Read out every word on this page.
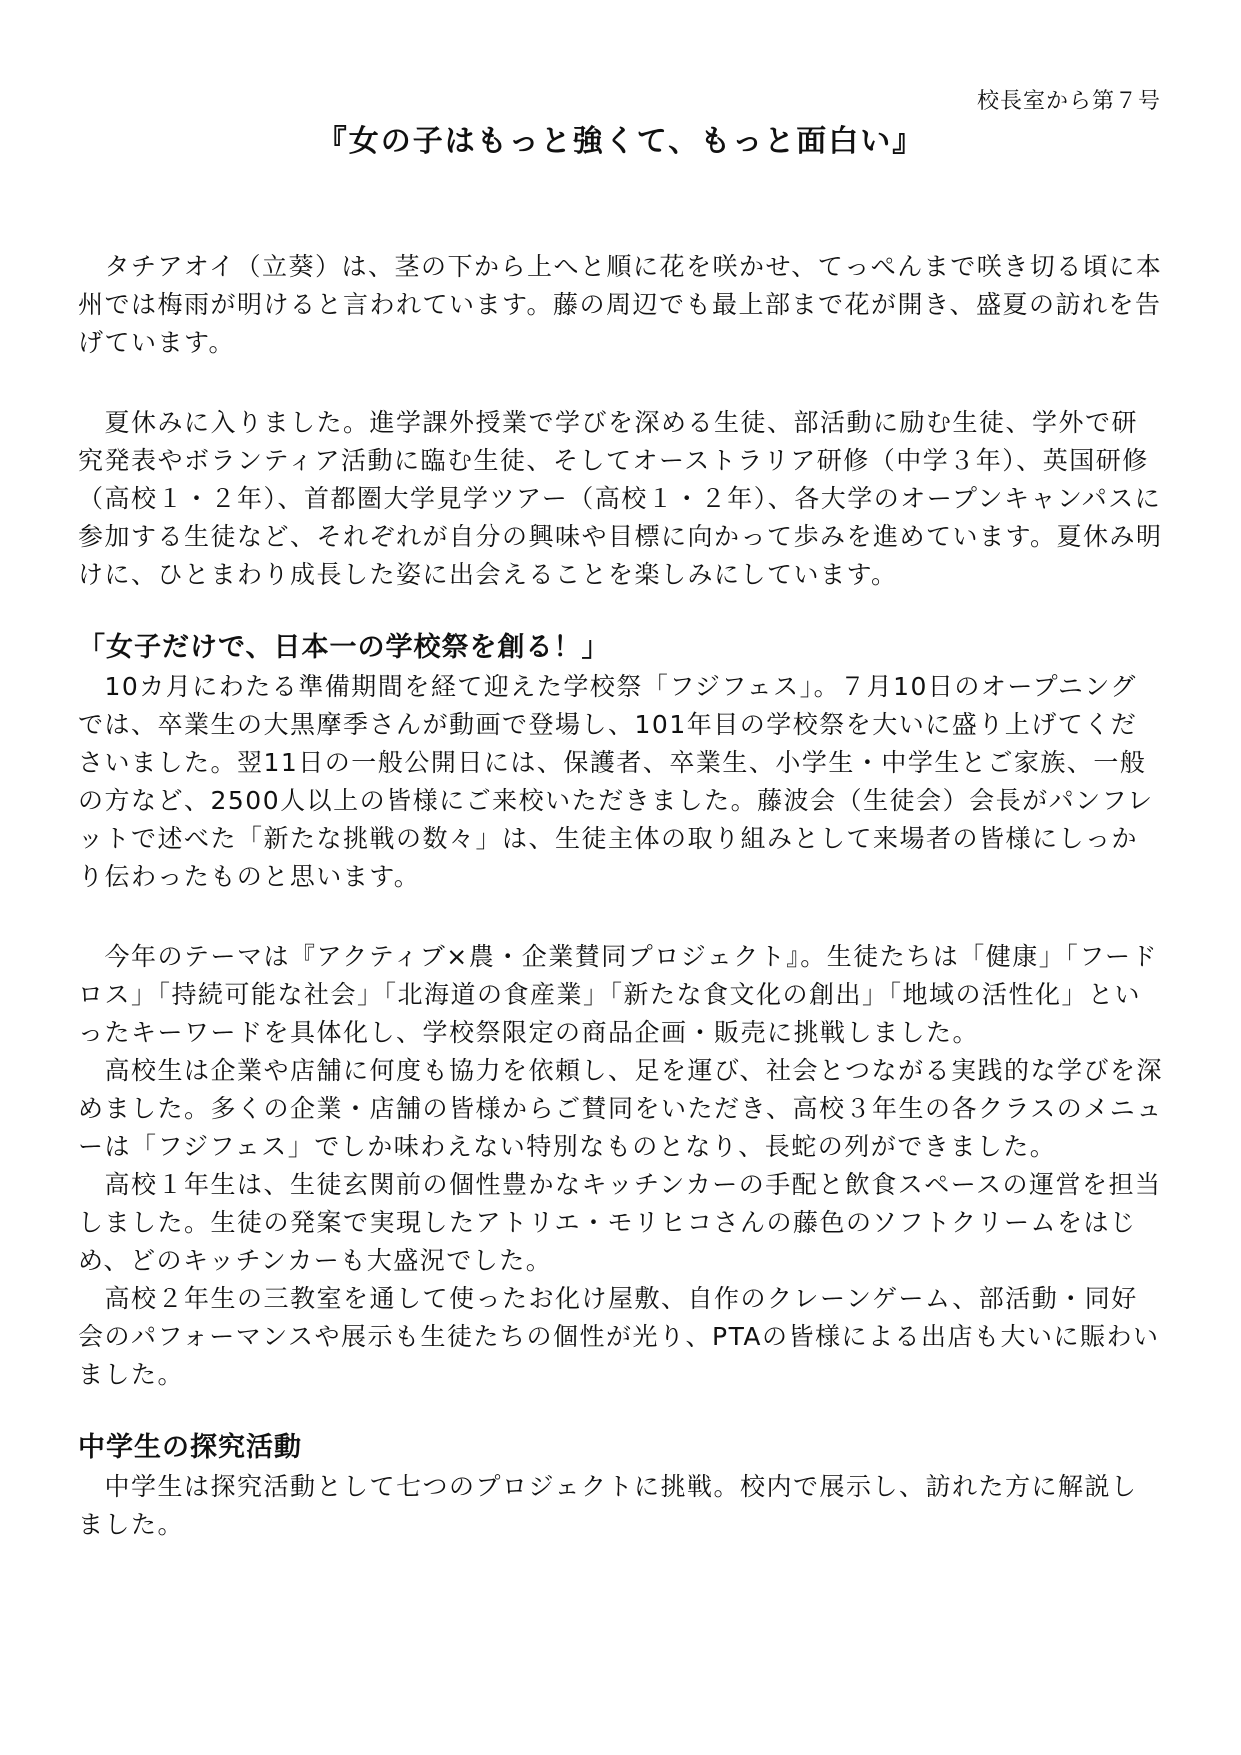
校長室から第７号
『女の子はもっと強くて、もっと面白い』

　タチアオイ（立葵）は、茎の下から上へと順に花を咲かせ、てっぺんまで咲き切る頃に本州では梅雨が明けると言われています。藤の周辺でも最上部まで花が開き、盛夏の訪れを告げています。

　夏休みに入りました。進学課外授業で学びを深める生徒、部活動に励む生徒、学外で研究発表やボランティア活動に臨む生徒、そしてオーストラリア研修（中学３年）、英国研修（高校１・２年）、首都圏大学見学ツアー（高校１・２年）、各大学のオープンキャンパスに参加する生徒など、それぞれが自分の興味や目標に向かって歩みを進めています。夏休み明けに、ひとまわり成長した姿に出会えることを楽しみにしています。

「女子だけで、日本一の学校祭を創る！」

　10カ月にわたる準備期間を経て迎えた学校祭「フジフェス」。７月10日のオープニングでは、卒業生の大黒摩季さんが動画で登場し、101年目の学校祭を大いに盛り上げてくださいました。翌11日の一般公開日には、保護者、卒業生、小学生・中学生とご家族、一般の方など、2500人以上の皆様にご来校いただきました。藤波会（生徒会）会長がパンフレットで述べた「新たな挑戦の数々」は、生徒主体の取り組みとして来場者の皆様にしっかり伝わったものと思います。

　今年のテーマは『アクティブ×農・企業賛同プロジェクト』。生徒たちは「健康」「フードロス」「持続可能な社会」「北海道の食産業」「新たな食文化の創出」「地域の活性化」といったキーワードを具体化し、学校祭限定の商品企画・販売に挑戦しました。

　高校生は企業や店舗に何度も協力を依頼し、足を運び、社会とつながる実践的な学びを深めました。多くの企業・店舗の皆様からご賛同をいただき、高校３年生の各クラスのメニューは「フジフェス」でしか味わえない特別なものとなり、長蛇の列ができました。

　高校１年生は、生徒玄関前の個性豊かなキッチンカーの手配と飲食スペースの運営を担当しました。生徒の発案で実現したアトリエ・モリヒコさんの藤色のソフトクリームをはじめ、どのキッチンカーも大盛況でした。

　高校２年生の三教室を通して使ったお化け屋敷、自作のクレーンゲーム、部活動・同好会のパフォーマンスや展示も生徒たちの個性が光り、PTAの皆様による出店も大いに賑わいました。

中学生の探究活動

　中学生は探究活動として七つのプロジェクトに挑戦。校内で展示し、訪れた方に解説しました。
